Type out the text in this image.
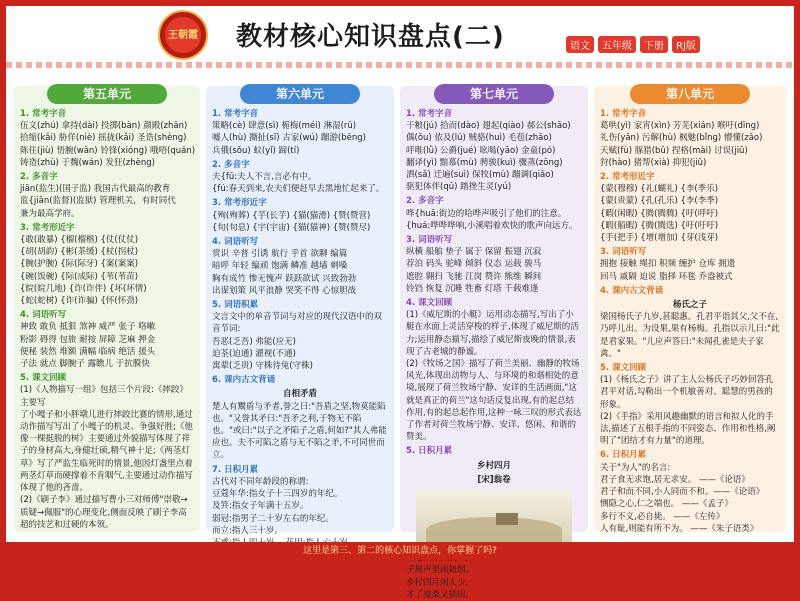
王朝霞	教材核心知识盘点(二)	语文	五年级	下册	RJ版
第五单元
1. 常考字音
伍文(zhú) 拿持(dài) 投掷(bàn) 颜殿(zhān)
拾缩(kǎi) 胁佯(niè) 摇拢(kǎi) 圣诰(shèng)
陈住(jiù) 悟腕(wǎn) 铃锋(xióng) 哦唔(quán)
铸造(zhù) 于魏(wán) 发狂(zhèng)
2. 多音字
jiān(监生)(国子监) 我国古代最高的教育
监{jiān(监督)(监狱) 管理机关，有时同代
兼为最高学府。
3. 常考形近字
{敢(敢暴) {榴(榴楷) {仗(仗仗)
{胡(胡韵) {彬(茶缓) {杖(拐杖)
{腕(护腕) {际(际牙) {案(案案)
{碗(饭碗) {际(成际) {苇(苇苗)
{皖(皖几地) {诈(诈伴) {坏(坏情)
{蛇(蛇树) {诈(诈骗) {怀(怀劲)
4. 词语听写
神致 敢负 抵狠 煞神 威严 张子 咯嗽
粉影 碍得 包旅 耐按 屏障 芝麻 押金
便秘 装然 堆额 满幅 临病 绝活 援头
子法 就点 脚腕子 露瞧儿 于抗膜快
5. 课文回顾
(1)《人物描写一组》包括三个片段:《摔跤》主要写
了小嘎子和小胖墩儿进行摔跤比赛的情形,通过动作描写写出了小嘎子的机灵、争强好胜;《他像一棵挺脱的树》主要通过外貌描写体现了祥子的身材高大,身健壮硕,精气神十足;《两茎灯草》写了严监生临死时的情景,他因灯盏里点着两茎灯草而硬撑着不肯咽气,主要通过动作描写体现了他的吝啬。
(2)《刷子李》通过描写曹小三对师傅"崇敬→质疑→佩服"的心理变化,侧面反映了刷子李高超的技艺和过硬的本领。
第六单元
1. 常考字音
策略(cè) 肆意(sì) 栀梅(méi) 淋湿(rǔ)
嘘人(hù) 撕扯(sī) 古家(wú) 蹦游(bēng)
兵俄(sǒu) 蚁(yǐ) 蹄(tí)
2. 多音字
夫{fū:夫人不言,言必有中。
{fú:春天到来,农夫们便赶早去黑地忙起来了。
3. 常考形近字
{殉(殉葬) {芋(长芋) {猫(猫滑) {赞(赞营)
{旬(旬息) {宇(宇宙) {猫(猫神) {赞(赞尽)
4. 词语听写
赏识 辛普 引诱 航行 乎首 欲聊 编篇
暗呼 年轻 编顽 饱满 鳞准 越墙 刺嗓
胸有成竹 惨无愧声 跃跃欲试 兴致勃勃
出谋划策 风平浪静 哭笑不得 心惊胆战
5. 词语积累
文言文中的单音节词与对应的现代汉语中的双音节词:
吾恶(乏吾) 弗能(应无)
迫荃(迫通) 濯视(不通)
寓辈(乏贵) 守株待兔(守株)
6. 课内古文背诵
自相矛盾
楚人有鬻盾与矛者,誉之曰:"吾盾之坚,物莫能陷也。"又誉其矛曰:"吾矛之利,于物无不陷也。"或曰:"以子之矛陷子之盾,何如?"其人弗能应也。夫不可陷之盾与无不陷之矛,不可同世而立。
7. 日积月累
古代对不同年龄段的称谓:
豆蔻年华:指女子十三四岁的年纪。
及笄:指女子年满十五岁。
弱冠:指男子二十岁左右的年纪。
而立:指人三十岁。
第七单元
1. 常考字音
干粮(jú) 拾而(dào) 翅起(qiào) 郝公(shāo)
偶(ǒu) 依及(lú) 贼骆(huì) 毛苞(zhāo)
呼唯(lǜ) 公爵(jué) 吆喝(yāo) 金童(pó)
翻译(yì) 黯慕(mù) 骋骏(kuì) 骤蒸(zōng)
洒(sǎ) 迁遍(suì) 保牧(mù) 蹦调(qiǎo)
驱犯体伴(qū) 踏挫生灵(yú)
2. 多音字
哗{huā:街边的哈哗声吸引了他们的注意。
{huá:哗哗哗响,小溪唱着欢快的歌声向远方。
3. 词语听写
纵横 船舶 垫子 属于 保留 振翅 沉寂
荐泊 码头 驼峰 倾斜 仪态 运载 骏马
遮腔 翱扫 飞驰 江岗 赞许 熊维 瞬间
铃铛 恢复 沉睡 牲畜 灯塔 千载难逢
4. 课文回顾
(1)《威尼斯的小艇》运用动态描写,写出了小艇在水面上灵活穿梭的样子,体现了威尼斯的活力;运用静态描写,描绘了威尼斯夜晚的情景,表现了古老城的静谧。
(2)《牧场之国》描写了荷兰美丽、幽静的牧场风光,体现出动物与人、与环境的和谐相处的意境,展现了荷兰牧场宁静、安详的生活画面,"这就是真正的荷兰"这句话反复出现,有的起总结作用,有的起总起作用,这种一咏三叹的形式表达了作者对荷兰牧场宁静、安详、悠闲、和谐的赞美。
5. 日积月累
乡村四月
[宋]翁卷
子规声里雨如烟。
乡村四月闲人少,
才了蚕桑又插田。
第八单元
1. 常考字音
葛哄(yì) 家宵(xìn) 芳芜(xián) 喉吁(dīng)
礼伤(yǎn) 污解(hù) 枫魅(bǐng) 懵懂(zǎo)
天赋(fù) 豚猎(bǔ) 捏格(mài) 讨误(jiǔ)
狩(hào) 猪帮(xià) 抑犯(jiǔ)
2. 常考形近字
{蒙(穆穆) {礼(蝴礼) {李(季乐)
{蒙(贵蒙) {孔(孔乐) {李(李季)
{暇(闲暇) {腾(腾腾) {吁(呼吁)
{暇(船暇) {腾(腾选) {吁(吁吁)
{手(把手) {增(增加) {芽(浅芽)
3. 词语听写
拥抱 接触 绳扣 积频 缠护 仓库 拥遗
回马 戚隔 迫说 脂择 环毯 乔盎被式
4. 课内古文背诵
杨氏之子
梁国杨氏子九岁,甚聪惠。孔君平诣其父,父不在,乃呼儿出。为设果,果有杨梅。孔指以示儿曰:"此是君家果。"儿应声答曰:"未闻孔雀是夫子家禽。"
5. 课文回顾
(1)《杨氏之子》讲了主人公杨氏子巧妙回答孔君平对话,勾勒出一个机敏善对、聪慧的男孩的形象。
(2)《手指》采用风趣幽默的语言和拟人化的手法,描述了五根手指的不同姿态、作用和性格,阐明了"团结才有力量"的道理。
6. 日积月累
关于"为人"的名言:
君子食无求饱,居无求安。 ——《论语》
君子和而不同,小人同而不和。——《论语》
恻隐之心,仁之端也。 ——《孟子》
多行不义,必自毙。 ——《左传》
人有耻,则能有所不为。 ——《朱子语类》
这里是第三、第二的核心知识盘点，你掌握了吗?
